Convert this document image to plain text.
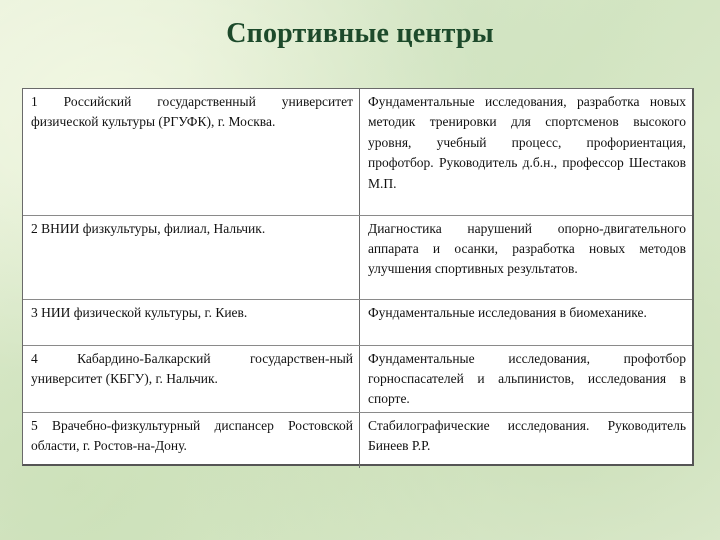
Спортивные центры
1 Российский государственный университет физической культуры (РГУФК), г. Москва.	Фундаментальные исследования, разработка новых методик тренировки для спортсменов высокого уровня, учебный процесс, профориентация, профотбор. Руководитель д.б.н., профессор Шестаков М.П.
2 ВНИИ физкультуры, филиал, Нальчик.	Диагностика нарушений опорно-двигательного аппарата и осанки, разработка новых методов улучшения спортивных результатов.
3 НИИ физической культуры, г. Киев.	Фундаментальные исследования в биомеханике.
4 Кабардино-Балкарский государствен-ный университет (КБГУ), г. Нальчик.	Фундаментальные исследования, профотбор горноспасателей и альпинистов, исследования в спорте.
5 Врачебно-физкультурный диспансер Ростовской области, г. Ростов-на-Дону.	Стабилографические исследования. Руководитель Бинеев Р.Р.
